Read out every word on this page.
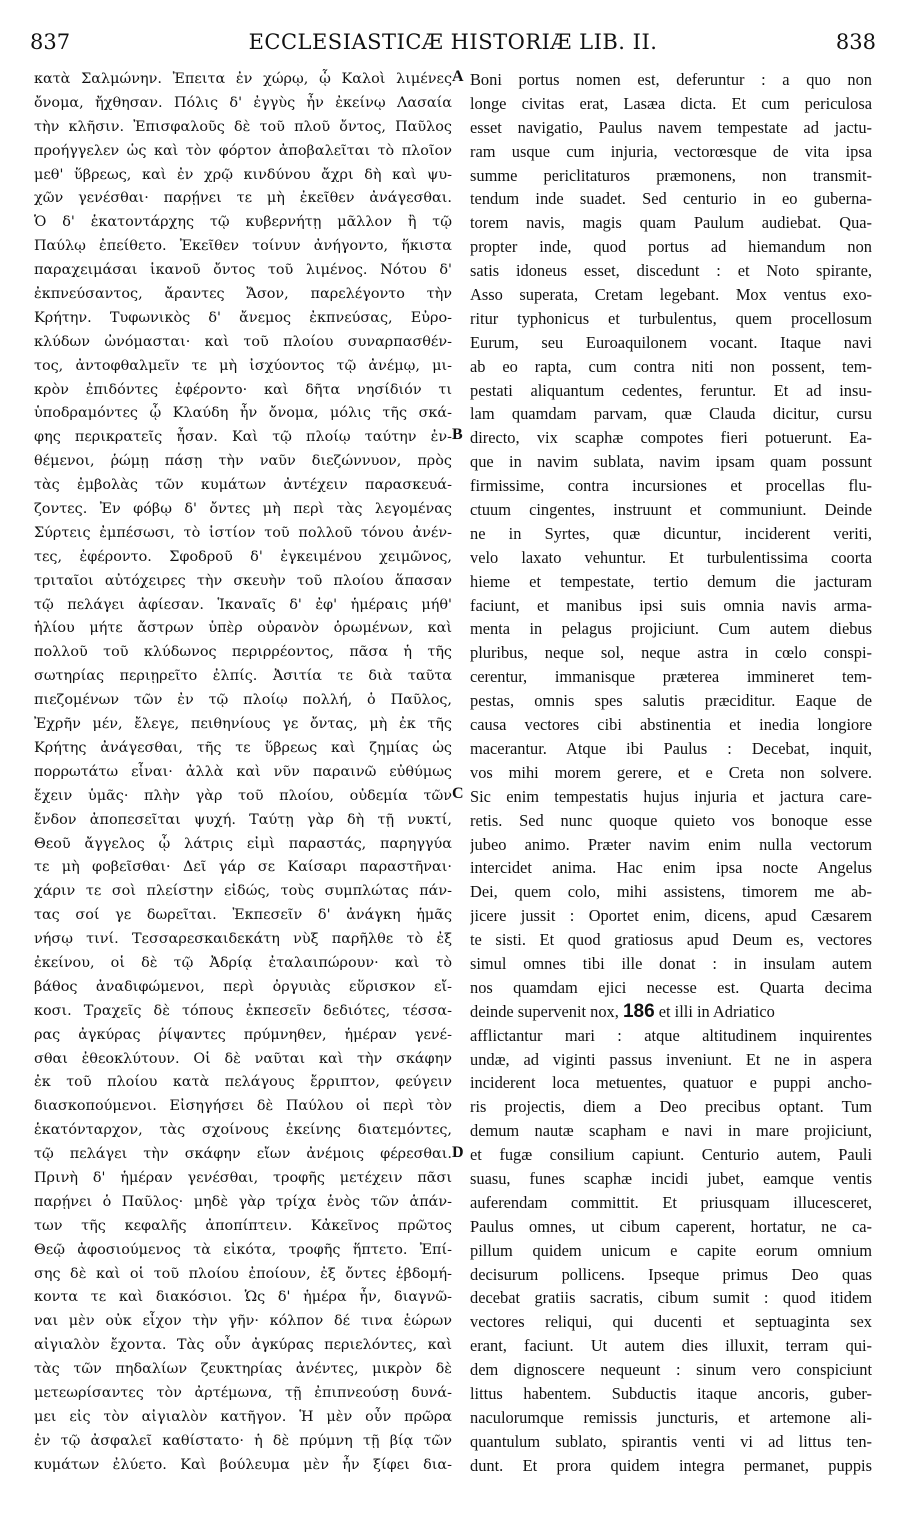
837	ECCLESIASTICÆ HISTORIÆ LIB. II.	838
κατὰ Σαλμώνην. Ἐπειτα ἐν χώρῳ, ᾧ Καλοὶ λιμένες
ὄνομα, ἤχθησαν. Πόλις δ' ἐγγὺς ἦν ἐκείνῳ Λασαία
τὴν κλῆσιν. Ἐπισφαλοῦς δὲ τοῦ πλοῦ ὄντος, Παῦλος
προήγγελεν ὡς καὶ τὸν φόρτον ἀποβαλεῖται τὸ πλοῖον
μεθ' ὕβρεως, καὶ ἐν χρῷ κινδύνου ἄχρι δὴ καὶ ψυ-
χῶν γενέσθαι· παρῄνει τε μὴ ἐκεῖθεν ἀνάγεσθαι.
Ὁ δ' ἑκατοντάρχης τῷ κυβερνήτῃ μᾶλλον ἢ τῷ
Παύλῳ ἐπείθετο. Ἐκεῖθεν τοίνυν ἀνήγοντο, ἥκιστα
παραχειμάσαι ἱκανοῦ ὄντος τοῦ λιμένος. Νότου δ'
ἐκπνεύσαντος, ἄραντες Ἄσον, παρελέγοντο τὴν
Κρήτην. Τυφωνικὸς δ' ἄνεμος ἐκπνεύσας, Εὐρο-
κλύδων ὠνόμασται· καὶ τοῦ πλοίου συναρπασθέν-
τος, ἀντοφθαλμεῖν τε μὴ ἰσχύοντος τῷ ἀνέμῳ, μι-
κρὸν ἐπιδόντες ἐφέροντο· καὶ δῆτα νησίδιόν τι
ὑποδραμόντες ᾧ Κλαύδη ἦν ὄνομα, μόλις τῆς σκά-
φης περικρατεῖς ἦσαν. Καὶ τῷ πλοίῳ ταύτην ἐν-
θέμενοι, ῥώμῃ πάσῃ τὴν ναῦν διεζώννυον, πρὸς
τὰς ἐμβολὰς τῶν κυμάτων ἀντέχειν παρασκευά-
ζοντες. Ἐν φόβῳ δ' ὄντες μὴ περὶ τὰς λεγομένας
Σύρτεις ἐμπέσωσι, τὸ ἱστίον τοῦ πολλοῦ τόνου ἀνέν-
τες, ἐφέροντο. Σφοδροῦ δ' ἐγκειμένου χειμῶνος,
τριταῖοι αὐτόχειρες τὴν σκευὴν τοῦ πλοίου ἅπασαν
τῷ πελάγει ἀφίεσαν. Ἱκαναῖς δ' ἐφ' ἡμέραις μήθ'
ἡλίου μήτε ἄστρων ὑπὲρ οὐρανὸν ὁρωμένων, καὶ
πολλοῦ τοῦ κλύδωνος περιρρέοντος, πᾶσα ἡ τῆς
σωτηρίας περιῃρεῖτο ἐλπίς. Ἀσιτία τε διὰ ταῦτα
πιεζομένων τῶν ἐν τῷ πλοίῳ πολλή, ὁ Παῦλος,
Ἐχρῆν μέν, ἔλεγε, πειθηνίους γε ὄντας, μὴ ἐκ τῆς
Κρήτης ἀνάγεσθαι, τῆς τε ὕβρεως καὶ ζημίας ὡς
πορρωτάτω εἶναι· ἀλλὰ καὶ νῦν παραινῶ εὐθύμως
ἔχειν ὑμᾶς· πλὴν γὰρ τοῦ πλοίου, οὐδεμία τῶν
ἔνδον ἀποπεσεῖται ψυχή. Ταύτῃ γὰρ δὴ τῇ νυκτί,
Θεοῦ ἄγγελος ᾧ λάτρις εἰμὶ παραστάς, παρηγγύα
τε μὴ φοβεῖσθαι· Δεῖ γάρ σε Καίσαρι παραστῆναι·
χάριν τε σοὶ πλείστην εἰδώς, τοὺς συμπλώτας πάν-
τας σοί γε δωρεῖται. Ἐκπεσεῖν δ' ἀνάγκη ἡμᾶς
νήσῳ τινί. Τεσσαρεσκαιδεκάτη νὺξ παρῆλθε τὸ ἐξ
ἐκείνου, οἱ δὲ τῷ Ἀδρίᾳ ἐταλαιπώρουν· καὶ τὸ
βάθος ἀναδιφώμενοι, περὶ ὀργυιὰς εὕρισκον εἴ-
κοσι. Τραχεῖς δὲ τόπους ἐκπεσεῖν δεδιότες, τέσσα-
ρας ἀγκύρας ῥίψαντες πρύμνηθεν, ἡμέραν γενέ-
σθαι ἐθεοκλύτουν. Οἱ δὲ ναῦται καὶ τὴν σκάφην
ἐκ τοῦ πλοίου κατὰ πελάγους ἔρριπτον, φεύγειν
διασκοπούμενοι. Εἰσηγήσει δὲ Παύλου οἱ περὶ τὸν
ἑκατόνταρχον, τὰς σχοίνους ἐκείνης διατεμόντες,
τῷ πελάγει τὴν σκάφην εἴων ἀνέμοις φέρεσθαι.
Πρινὴ δ' ἡμέραν γενέσθαι, τροφῆς μετέχειν πᾶσι
παρῄνει ὁ Παῦλος· μηδὲ γὰρ τρίχα ἑνὸς τῶν ἁπάν-
των τῆς κεφαλῆς ἀποπίπτειν. Κἀκεῖνος πρῶτος
Θεῷ ἀφοσιούμενος τὰ εἰκότα, τροφῆς ἥπτετο. Ἐπί-
σης δὲ καὶ οἱ τοῦ πλοίου ἐποίουν, ἐξ ὄντες ἑβδομή-
κοντα τε καὶ διακόσιοι. Ὡς δ' ἡμέρα ἦν, διαγνῶ-
ναι μὲν οὐκ εἶχον τὴν γῆν· κόλπον δέ τινα ἑώρων
αἰγιαλὸν ἔχοντα. Τὰς οὖν ἀγκύρας περιελόντες, καὶ
τὰς τῶν πηδαλίων ζευκτηρίας ἀνέντες, μικρὸν δὲ
μετεωρίσαντες τὸν ἀρτέμωνα, τῇ ἐπιπνεούσῃ δυνά-
μει εἰς τὸν αἰγιαλὸν κατῆγον. Ἡ μὲν οὖν πρῶρα
ἐν τῷ ἀσφαλεῖ καθίστατο· ἡ δὲ πρύμνη τῇ βίᾳ τῶν
κυμάτων ἐλύετο. Καὶ βούλευμα μὲν ἦν ξίφει δια-
Boni portus nomen est, deferuntur : a quo non
longe civitas erat, Lasæa dicta. Et cum periculosa
esset navigatio, Paulus navem tempestate ad jactu-
ram usque cum injuria, vectorœsque de vita ipsa
summe periclitaturos præmonens, non transmit-
tendum inde suadet. Sed centurio in eo guberna-
torem navis, magis quam Paulum audiebat. Qua-
propter inde, quod portus ad hiemandum non
satis idoneus esset, discedunt : et Noto spirante,
Asso superata, Cretam legebant. Mox ventus exo-
ritur typhonicus et turbulentus, quem procellosum
Eurum, seu Euroaquilonem vocant. Itaque navi
ab eo rapta, cum contra niti non possent, tem-
pestati aliquantum cedentes, feruntur. Et ad insu-
lam quamdam parvam, quæ Clauda dicitur, cursu
directo, vix scaphæ compotes fieri potuerunt. Ea-
que in navim sublata, navim ipsam quam possunt
firmissime, contra incursiones et procellas flu-
ctuum cingentes, instruunt et communiunt. Deinde
ne in Syrtes, quæ dicuntur, inciderent veriti,
velo laxato vehuntur. Et turbulentissima coorta
hieme et tempestate, tertio demum die jacturam
faciunt, et manibus ipsi suis omnia navis arma-
menta in pelagus projiciunt. Cum autem diebus
pluribus, neque sol, neque astra in cœlo conspi-
cerentur, immanisque præterea immineret tem-
pestas, omnis spes salutis præciditur. Eaque de
causa vectores cibi abstinentia et inedia longiore
macerantur. Atque ibi Paulus : Decebat, inquit,
vos mihi morem gerere, et e Creta non solvere.
Sic enim tempestatis hujus injuria et jactura care-
retis. Sed nunc quoque quieto vos bonoque esse
jubeo animo. Præter navim enim nulla vectorum
intercidet anima. Hac enim ipsa nocte Angelus
Dei, quem colo, mihi assistens, timorem me ab-
jicere jussit : Oportet enim, dicens, apud Cæsarem
te sisti. Et quod gratiosus apud Deum es, vectores
simul omnes tibi ille donat : in insulam autem
nos quamdam ejici necesse est. Quarta decima
deinde supervenit nox, 186 et illi in Adriatico
afflictantur mari : atque altitudinem inquirentes
undæ, ad viginti passus inveniunt. Et ne in aspera
inciderent loca metuentes, quatuor e puppi ancho-
ris projectis, diem a Deo precibus optant. Tum
demum nautæ scapham e navi in mare projiciunt,
et fugæ consilium capiunt. Centurio autem, Pauli
suasu, funes scaphæ incidi jubet, eamque ventis
auferendam committit. Et priusquam illucesceret,
Paulus omnes, ut cibum caperent, hortatur, ne ca-
pillum quidem unicum e capite eorum omnium
decisurum pollicens. Ipseque primus Deo quas
decebat gratiis sacratis, cibum sumit : quod itidem
vectores reliqui, qui ducenti et septuaginta sex
erant, faciunt. Ut autem dies illuxit, terram qui-
dem dignoscere nequeunt : sinum vero conspiciunt
littus habentem. Subductis itaque ancoris, guber-
naculorumque remissis juncturis, et artemone ali-
quantulum sublato, spirantis venti vi ad littus ten-
dunt. Et prora quidem integra permanet, puppis
A
B
C
D
